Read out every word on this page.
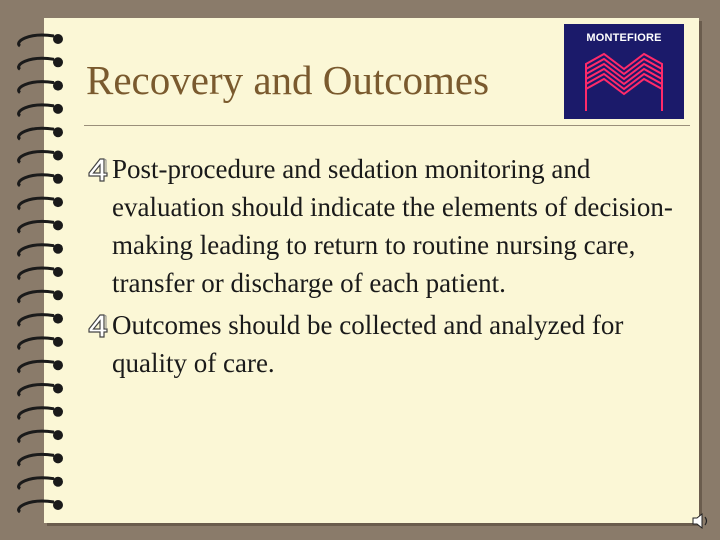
Recovery and Outcomes
MONTEFIORE
Post-procedure and sedation monitoring and evaluation should indicate the elements of decision-making leading to return to routine nursing care, transfer or discharge of each patient.
Outcomes should be collected and analyzed for quality of care.
